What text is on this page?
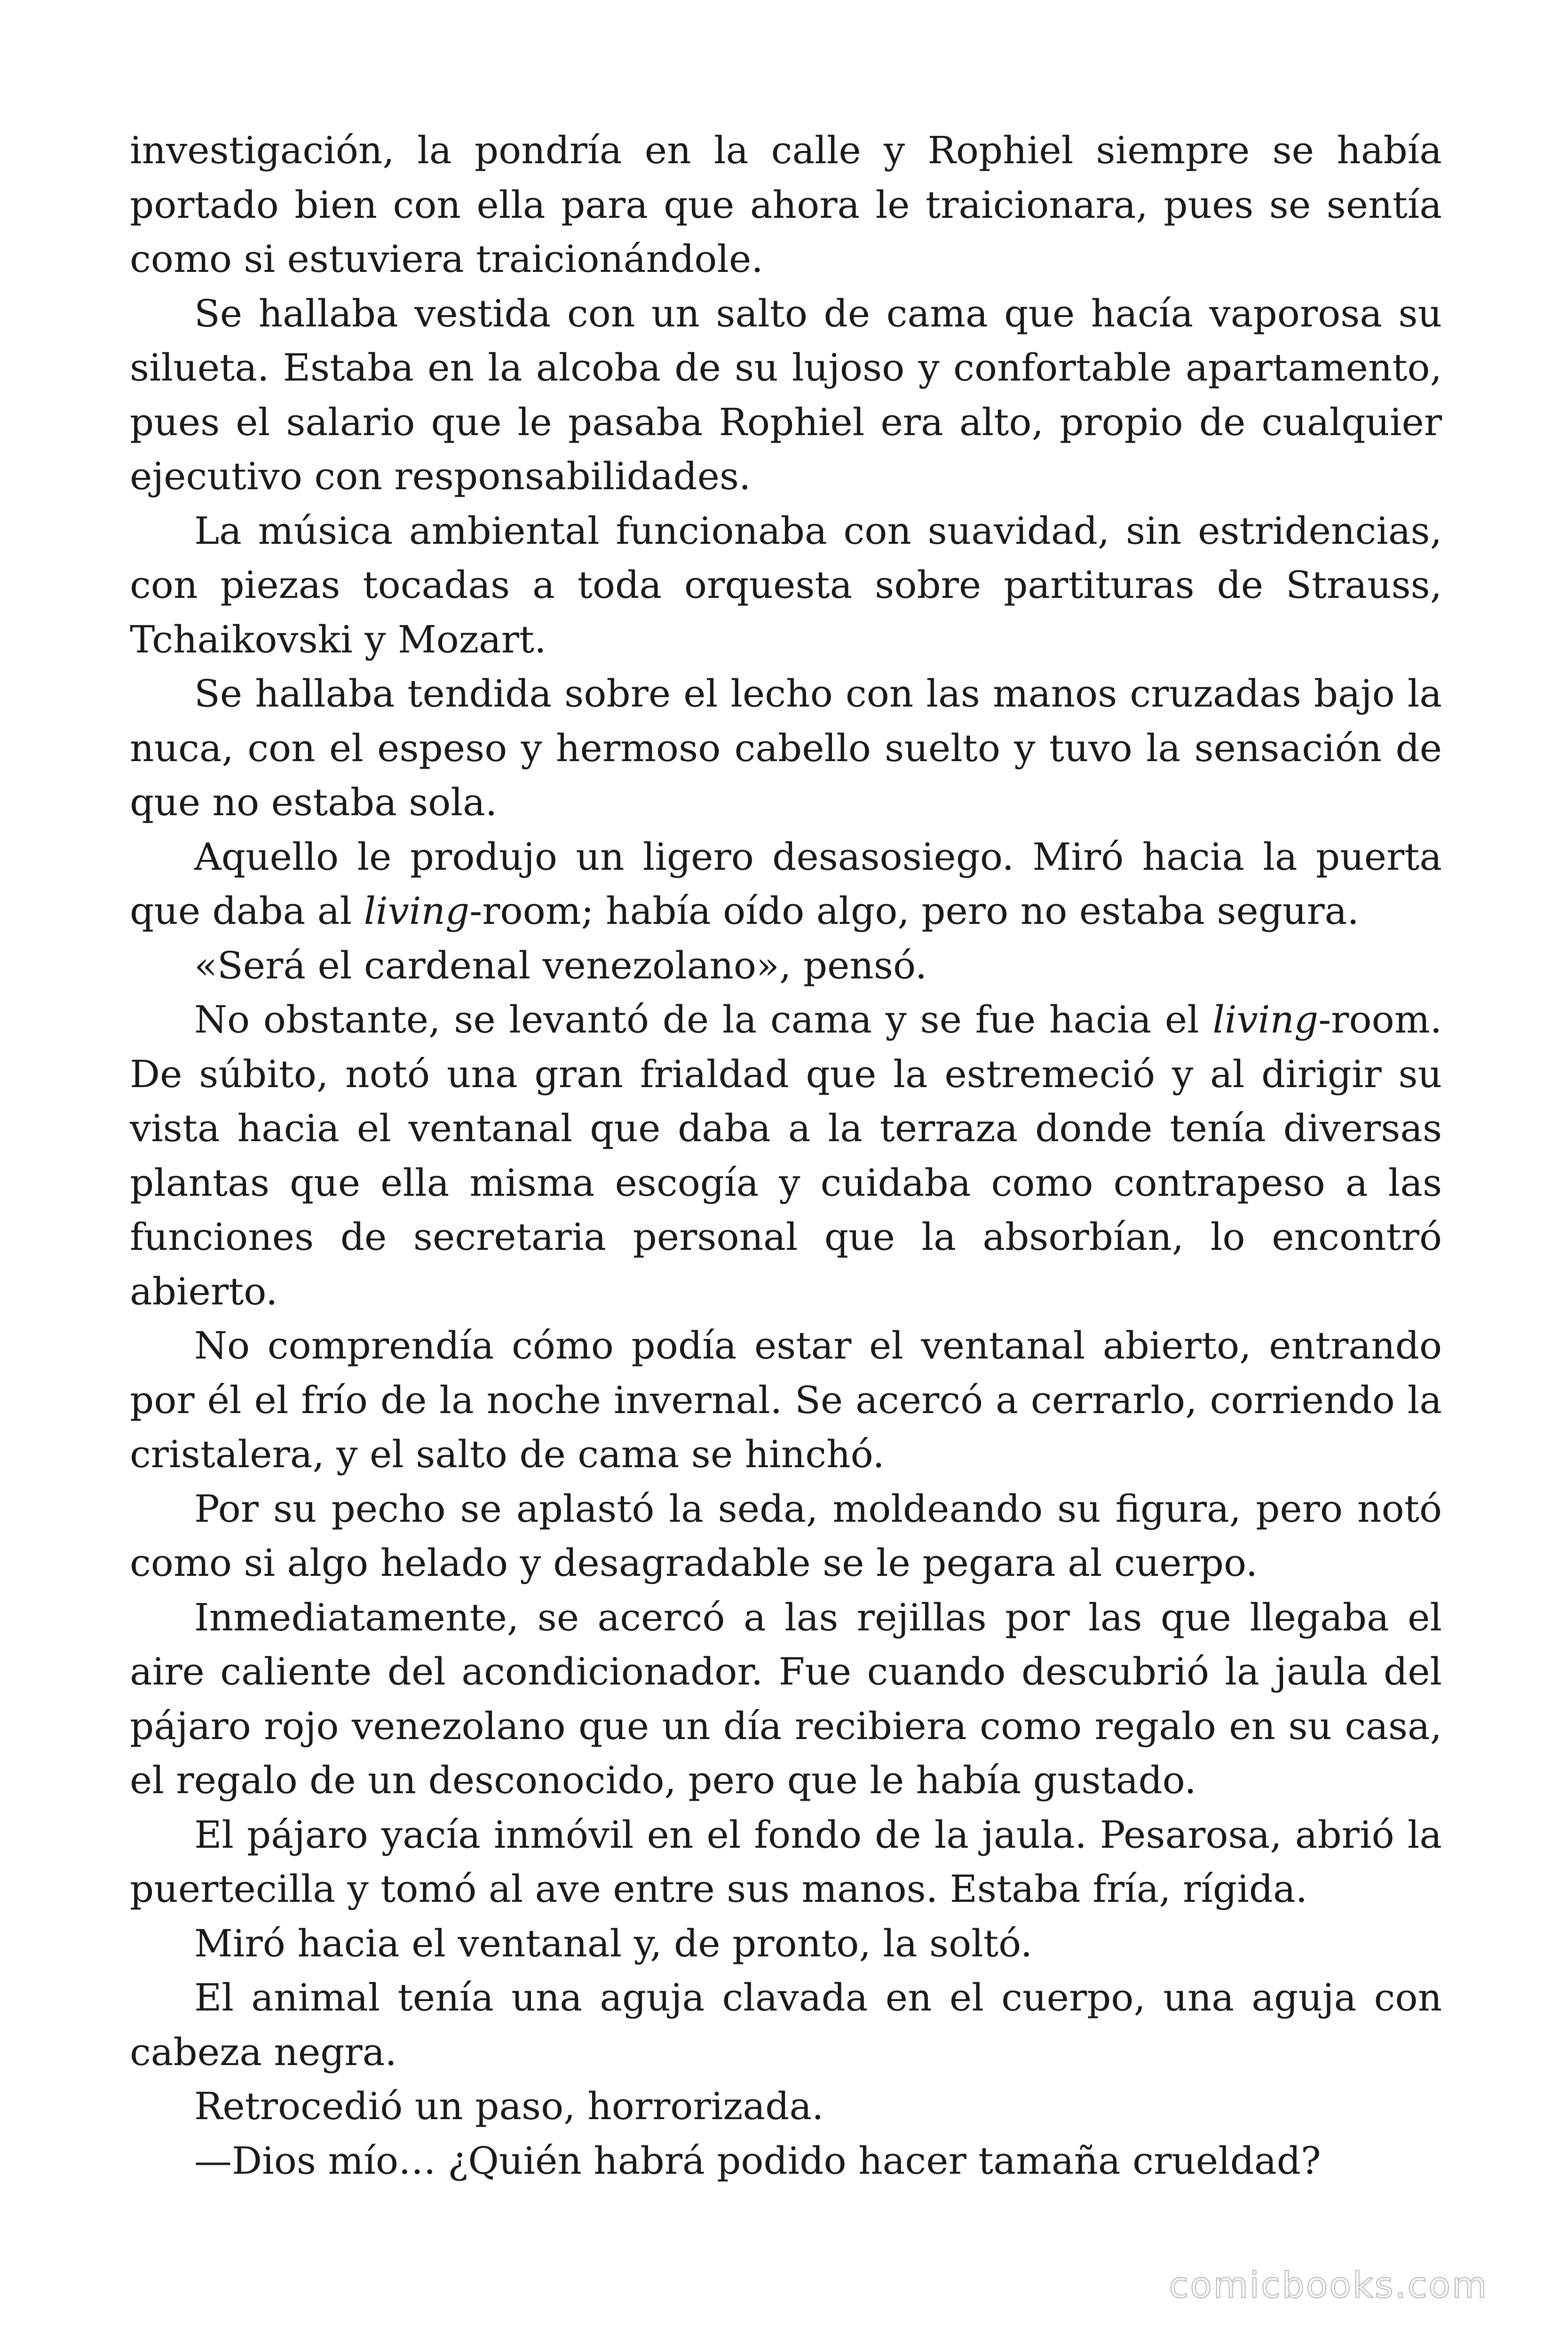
investigación, la pondría en la calle y Rophiel siempre se había portado bien con ella para que ahora le traicionara, pues se sentía como si estuviera traicionándole.

Se hallaba vestida con un salto de cama que hacía vaporosa su silueta. Estaba en la alcoba de su lujoso y confortable apartamento, pues el salario que le pasaba Rophiel era alto, propio de cualquier ejecutivo con responsabilidades.

La música ambiental funcionaba con suavidad, sin estridencias, con piezas tocadas a toda orquesta sobre partituras de Strauss, Tchaikovski y Mozart.

Se hallaba tendida sobre el lecho con las manos cruzadas bajo la nuca, con el espeso y hermoso cabello suelto y tuvo la sensación de que no estaba sola.

Aquello le produjo un ligero desasosiego. Miró hacia la puerta que daba al living-room; había oído algo, pero no estaba segura.

«Será el cardenal venezolano», pensó.

No obstante, se levantó de la cama y se fue hacia el living-room. De súbito, notó una gran frialdad que la estremeció y al dirigir su vista hacia el ventanal que daba a la terraza donde tenía diversas plantas que ella misma escogía y cuidaba como contrapeso a las funciones de secretaria personal que la absorbían, lo encontró abierto.

No comprendía cómo podía estar el ventanal abierto, entrando por él el frío de la noche invernal. Se acercó a cerrarlo, corriendo la cristalera, y el salto de cama se hinchó.

Por su pecho se aplastó la seda, moldeando su figura, pero notó como si algo helado y desagradable se le pegara al cuerpo.

Inmediatamente, se acercó a las rejillas por las que llegaba el aire caliente del acondicionador. Fue cuando descubrió la jaula del pájaro rojo venezolano que un día recibiera como regalo en su casa, el regalo de un desconocido, pero que le había gustado.

El pájaro yacía inmóvil en el fondo de la jaula. Pesarosa, abrió la puertecilla y tomó al ave entre sus manos. Estaba fría, rígida.

Miró hacia el ventanal y, de pronto, la soltó.

El animal tenía una aguja clavada en el cuerpo, una aguja con cabeza negra.

Retrocedió un paso, horrorizada.

—Dios mío… ¿Quién habrá podido hacer tamaña crueldad?

comicbooks.com
